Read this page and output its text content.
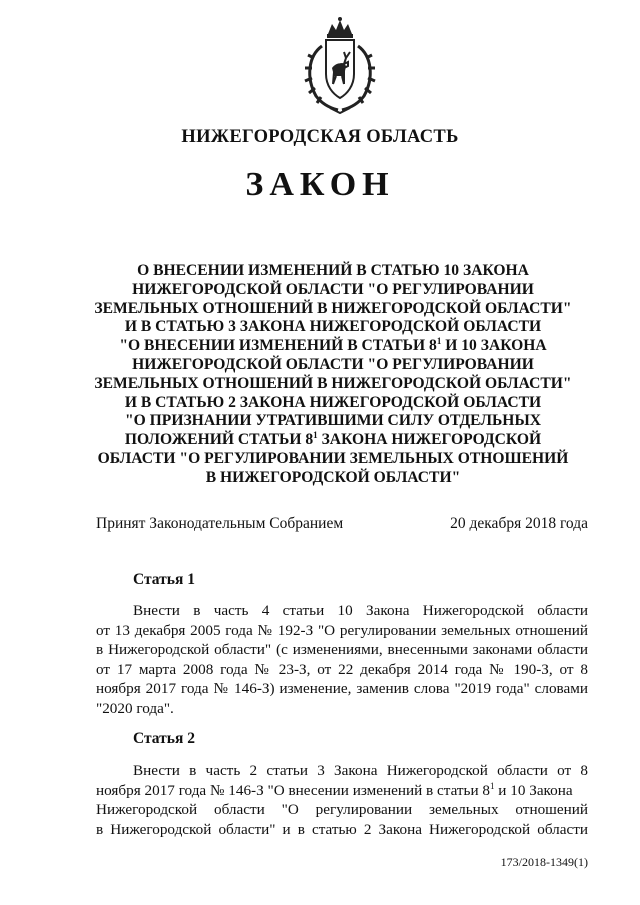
НИЖЕГОРОДСКАЯ ОБЛАСТЬ
ЗАКОН
О ВНЕСЕНИИ ИЗМЕНЕНИЙ В СТАТЬЮ 10 ЗАКОНА
НИЖЕГОРОДСКОЙ ОБЛАСТИ "О РЕГУЛИРОВАНИИ
ЗЕМЕЛЬНЫХ ОТНОШЕНИЙ В НИЖЕГОРОДСКОЙ ОБЛАСТИ"
И В СТАТЬЮ 3 ЗАКОНА НИЖЕГОРОДСКОЙ ОБЛАСТИ
"О ВНЕСЕНИИ ИЗМЕНЕНИЙ В СТАТЬИ $8^1$ И 10 ЗАКОНА
НИЖЕГОРОДСКОЙ ОБЛАСТИ "О РЕГУЛИРОВАНИИ
ЗЕМЕЛЬНЫХ ОТНОШЕНИЙ В НИЖЕГОРОДСКОЙ ОБЛАСТИ"
И В СТАТЬЮ 2 ЗАКОНА НИЖЕГОРОДСКОЙ ОБЛАСТИ
"О ПРИЗНАНИИ УТРАТИВШИМИ СИЛУ ОТДЕЛЬНЫХ
ПОЛОЖЕНИЙ СТАТЬИ $8^1$ ЗАКОНА НИЖЕГОРОДСКОЙ
ОБЛАСТИ "О РЕГУЛИРОВАНИИ ЗЕМЕЛЬНЫХ ОТНОШЕНИЙ
В НИЖЕГОРОДСКОЙ ОБЛАСТИ"
Принят Законодательным Собранием	20 декабря 2018 года
Статья 1
Внести в часть 4 статьи 10 Закона Нижегородской области
от 13 декабря 2005 года № 192-З "О регулировании земельных отношений
в Нижегородской области" (с изменениями, внесенными законами области
от 17 марта 2008 года № 23-З, от 22 декабря 2014 года № 190-З, от 8
ноября 2017 года № 146-З) изменение, заменив слова "2019 года" словами
"2020 года".
Статья 2
Внести в часть 2 статьи 3 Закона Нижегородской области от 8
ноября 2017 года № 146-З "О внесении изменений в статьи $8^1$ и 10 Закона
Нижегородской области "О регулировании земельных отношений
в Нижегородской области" и в статью 2 Закона Нижегородской области
173/2018-1349(1)
